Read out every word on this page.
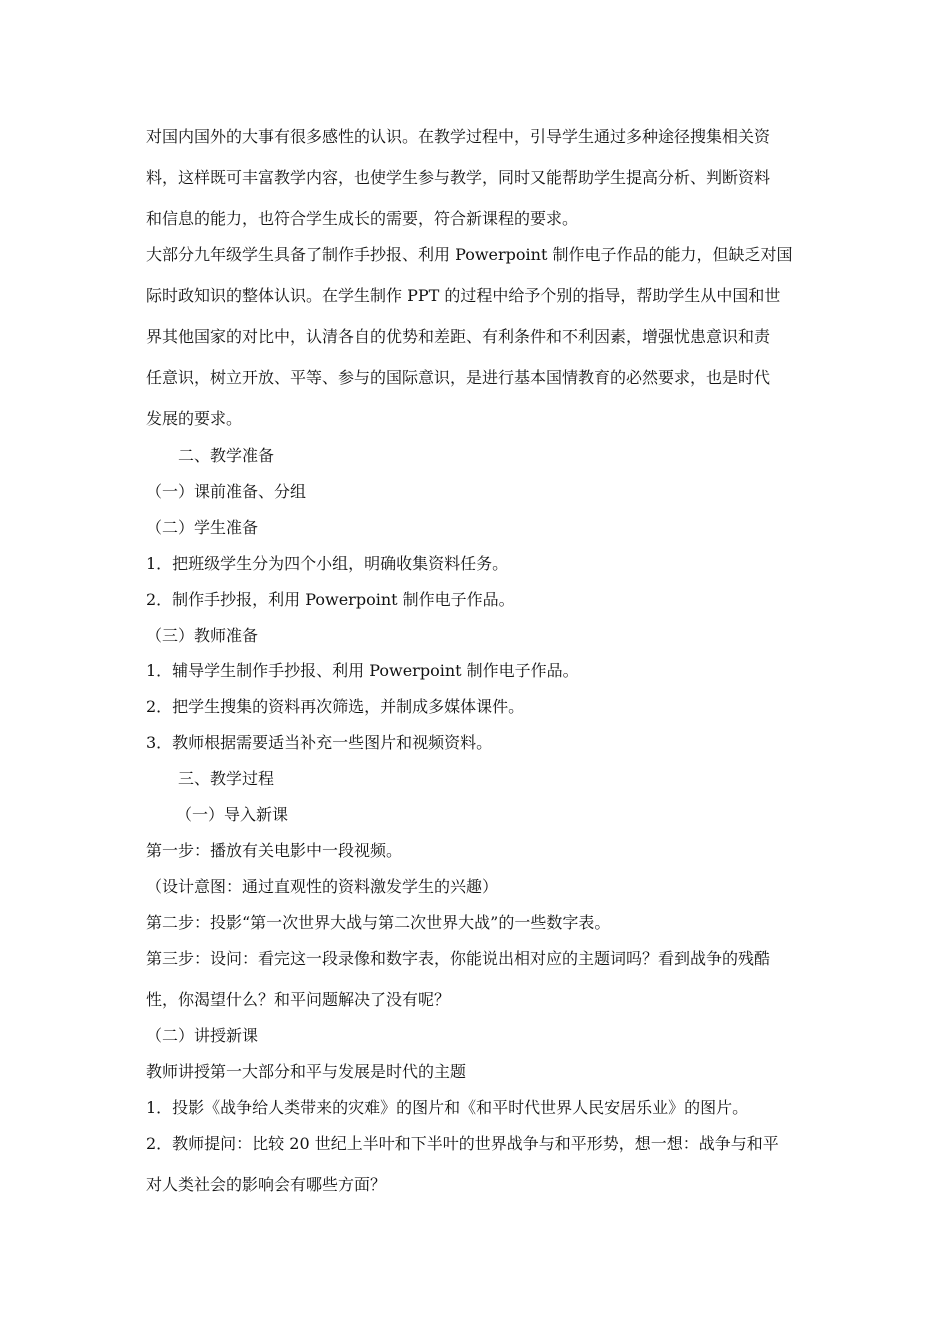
对国内国外的大事有很多感性的认识。在教学过程中，引导学生通过多种途径搜集相关资
料，这样既可丰富教学内容，也使学生参与教学，同时又能帮助学生提高分析、判断资料
和信息的能力，也符合学生成长的需要，符合新课程的要求。
大部分九年级学生具备了制作手抄报、利用 Powerpoint 制作电子作品的能力，但缺乏对国
际时政知识的整体认识。在学生制作 PPT 的过程中给予个别的指导，帮助学生从中国和世
界其他国家的对比中，认清各自的优势和差距、有利条件和不利因素，增强忧患意识和责
任意识，树立开放、平等、参与的国际意识，是进行基本国情教育的必然要求，也是时代
发展的要求。
二、教学准备
（一）课前准备、分组
（二）学生准备
1．把班级学生分为四个小组，明确收集资料任务。
2．制作手抄报，利用 Powerpoint 制作电子作品。
（三）教师准备
1．辅导学生制作手抄报、利用 Powerpoint 制作电子作品。
2．把学生搜集的资料再次筛选，并制成多媒体课件。
3．教师根据需要适当补充一些图片和视频资料。
三、教学过程
（一）导入新课
第一步：播放有关电影中一段视频。
（设计意图：通过直观性的资料激发学生的兴趣）
第二步：投影“第一次世界大战与第二次世界大战”的一些数字表。
第三步：设问：看完这一段录像和数字表，你能说出相对应的主题词吗？看到战争的残酷
性，你渴望什么？和平问题解决了没有呢？
（二）讲授新课
教师讲授第一大部分和平与发展是时代的主题
1．投影《战争给人类带来的灾难》的图片和《和平时代世界人民安居乐业》的图片。
2．教师提问：比较 20 世纪上半叶和下半叶的世界战争与和平形势，想一想：战争与和平
对人类社会的影响会有哪些方面？
